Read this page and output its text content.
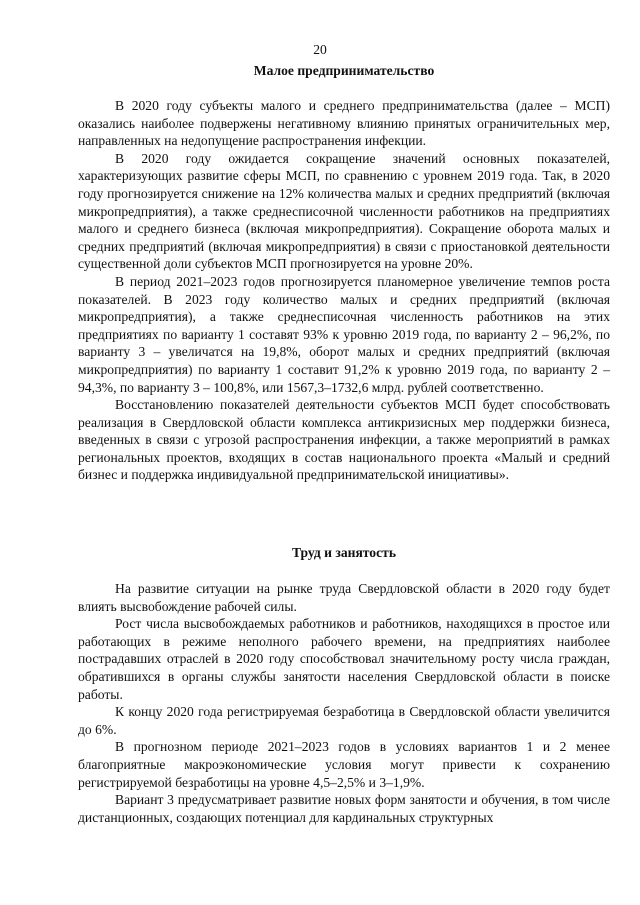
20
Малое предпринимательство

В 2020 году субъекты малого и среднего предпринимательства (далее – МСП) оказались наиболее подвержены негативному влиянию принятых ограничительных мер, направленных на недопущение распространения инфекции.

В 2020 году ожидается сокращение значений основных показателей, характеризующих развитие сферы МСП, по сравнению с уровнем 2019 года. Так, в 2020 году прогнозируется снижение на 12% количества малых и средних предприятий (включая микропредприятия), а также среднесписочной численности работников на предприятиях малого и среднего бизнеса (включая микропредприятия). Сокращение оборота малых и средних предприятий (включая микропредприятия) в связи с приостановкой деятельности существенной доли субъектов МСП прогнозируется на уровне 20%.

В период 2021–2023 годов прогнозируется планомерное увеличение темпов роста показателей. В 2023 году количество малых и средних предприятий (включая микропредприятия), а также среднесписочная численность работников на этих предприятиях по варианту 1 составят 93% к уровню 2019 года, по варианту 2 – 96,2%, по варианту 3 – увеличатся на 19,8%, оборот малых и средних предприятий (включая микропредприятия) по варианту 1 составит 91,2% к уровню 2019 года, по варианту 2 – 94,3%, по варианту 3 – 100,8%, или 1567,3–1732,6 млрд. рублей соответственно.

Восстановлению показателей деятельности субъектов МСП будет способствовать реализация в Свердловской области комплекса антикризисных мер поддержки бизнеса, введенных в связи с угрозой распространения инфекции, а также мероприятий в рамках региональных проектов, входящих в состав национального проекта «Малый и средний бизнес и поддержка индивидуальной предпринимательской инициативы».

Труд и занятость

На развитие ситуации на рынке труда Свердловской области в 2020 году будет влиять высвобождение рабочей силы.

Рост числа высвобождаемых работников и работников, находящихся в простое или работающих в режиме неполного рабочего времени, на предприятиях наиболее пострадавших отраслей в 2020 году способствовал значительному росту числа граждан, обратившихся в органы службы занятости населения Свердловской области в поиске работы.

К концу 2020 года регистрируемая безработица в Свердловской области увеличится до 6%.

В прогнозном периоде 2021–2023 годов в условиях вариантов 1 и 2 менее благоприятные макроэкономические условия могут привести к сохранению регистрируемой безработицы на уровне 4,5–2,5% и 3–1,9%.

Вариант 3 предусматривает развитие новых форм занятости и обучения, в том числе дистанционных, создающих потенциал для кардинальных структурных
